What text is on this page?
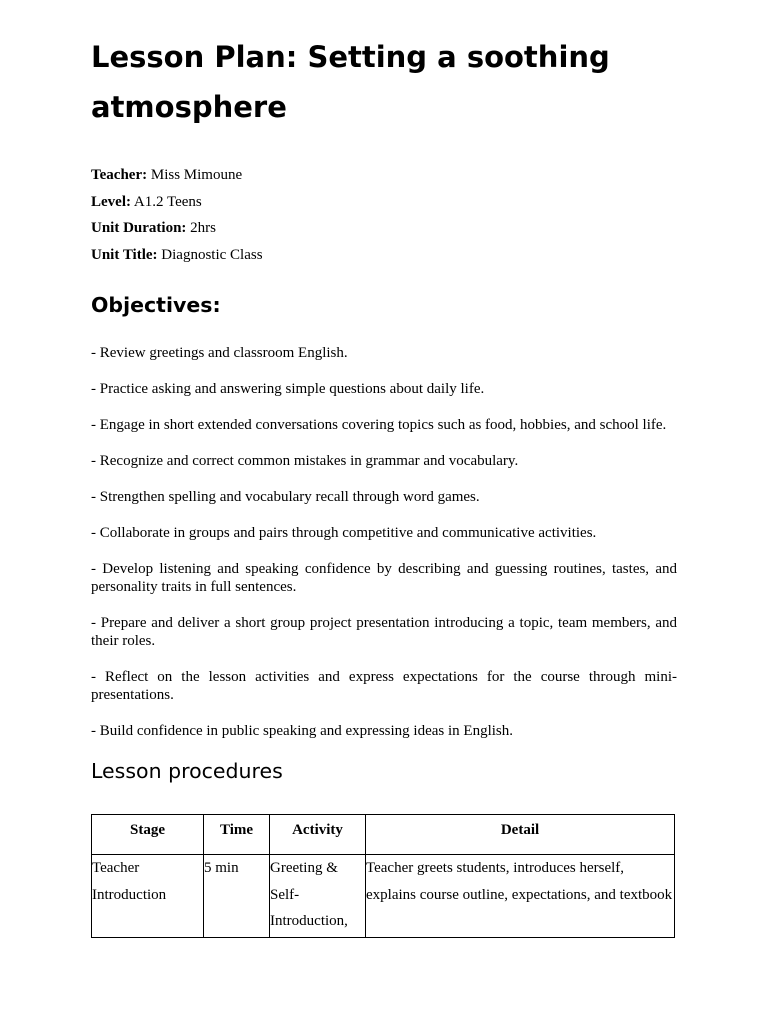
Lesson Plan: Setting a soothing atmosphere
Teacher: Miss Mimoune
Level: A1.2 Teens
Unit Duration: 2hrs
Unit Title: Diagnostic Class
Objectives:

- Review greetings and classroom English.

- Practice asking and answering simple questions about daily life.

- Engage in short extended conversations covering topics such as food, hobbies, and school life.

- Recognize and correct common mistakes in grammar and vocabulary.

- Strengthen spelling and vocabulary recall through word games.

- Collaborate in groups and pairs through competitive and communicative activities.

- Develop listening and speaking confidence by describing and guessing routines, tastes, and personality traits in full sentences.

- Prepare and deliver a short group project presentation introducing a topic, team members, and their roles.

- Reflect on the lesson activities and express expectations for the course through mini-presentations.

- Build confidence in public speaking and expressing ideas in English.

Lesson procedures
Stage	Time	Activity	Detail
Teacher Introduction	5 min	Greeting & Self-Introduction,	Teacher greets students, introduces herself, explains course outline, expectations, and textbook
